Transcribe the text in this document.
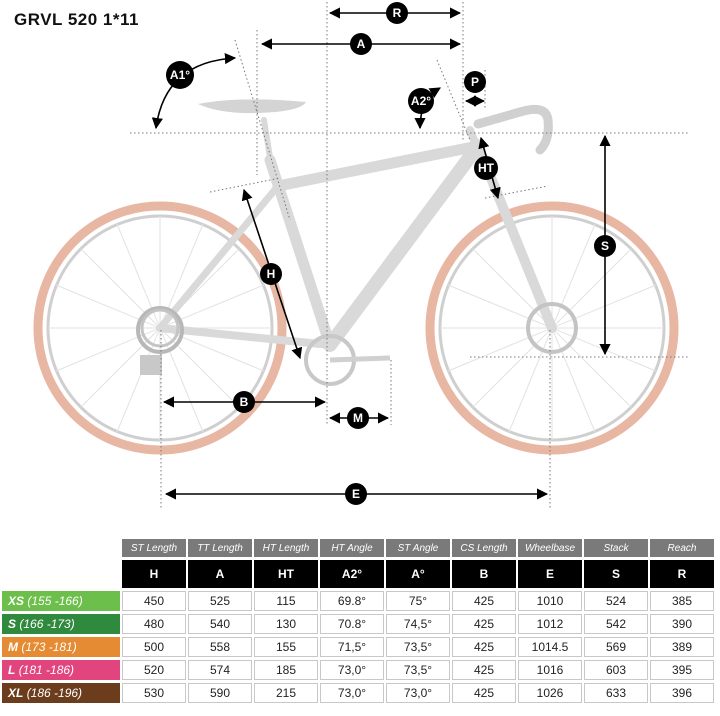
GRVL 520 1*11	R
A
A1°
A2°
P
HT
S
H
B
M
E
	ST Length	TT Length	HT Length	HT Angle	ST Angle	CS Length	Wheelbase	Stack	Reach
	H	A	HT	A2°	A°	B	E	S	R
XS (155 -166)	450	525	115	69.8°	75°	425	1010	524	385
S (166 -173)	480	540	130	70.8°	74,5°	425	1012	542	390
M (173 -181)	500	558	155	71,5°	73,5°	425	1014.5	569	389
L (181 -186)	520	574	185	73,0°	73,5°	425	1016	603	395
XL (186 -196)	530	590	215	73,0°	73,0°	425	1026	633	396
